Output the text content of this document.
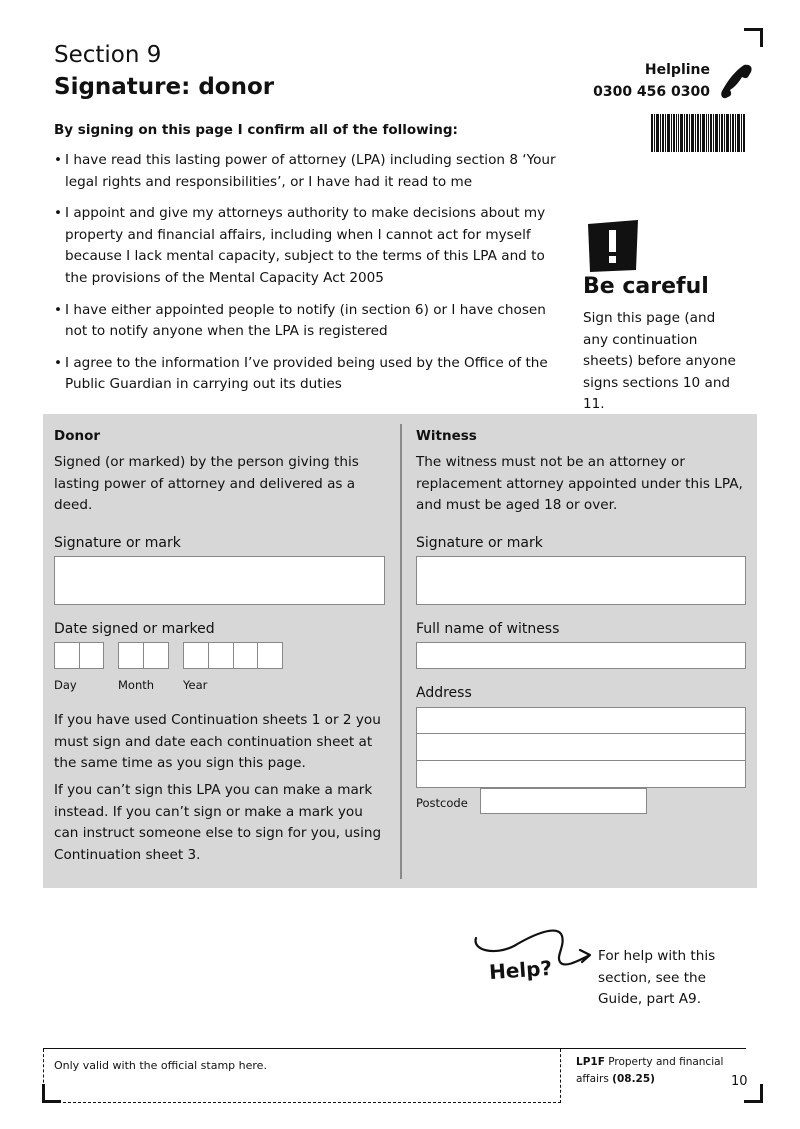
Section 9
Signature: donor
Helpline
0300 456 0300
By signing on this page I confirm all of the following:
• I have read this lasting power of attorney (LPA) including section 8 ‘Your legal rights and responsibilities’, or I have had it read to me
• I appoint and give my attorneys authority to make decisions about my property and financial affairs, including when I cannot act for myself because I lack mental capacity, subject to the terms of this LPA and to the provisions of the Mental Capacity Act 2005
• I have either appointed people to notify (in section 6) or I have chosen not to notify anyone when the LPA is registered
• I agree to the information I’ve provided being used by the Office of the Public Guardian in carrying out its duties
Be careful
Sign this page (and any continuation sheets) before anyone signs sections 10 and 11.
Donor
Signed (or marked) by the person giving this lasting power of attorney and delivered as a deed.
Signature or mark
Date signed or marked
Day	Month	Year
If you have used Continuation sheets 1 or 2 you must sign and date each continuation sheet at the same time as you sign this page.
If you can’t sign this LPA you can make a mark instead. If you can’t sign or make a mark you can instruct someone else to sign for you, using Continuation sheet 3.
Witness
The witness must not be an attorney or replacement attorney appointed under this LPA, and must be aged 18 or over.
Signature or mark
Full name of witness
Address
Postcode
Help?	For help with this section, see the Guide, part A9.
Only valid with the official stamp here.	LP1F Property and financial affairs (08.25)	10
